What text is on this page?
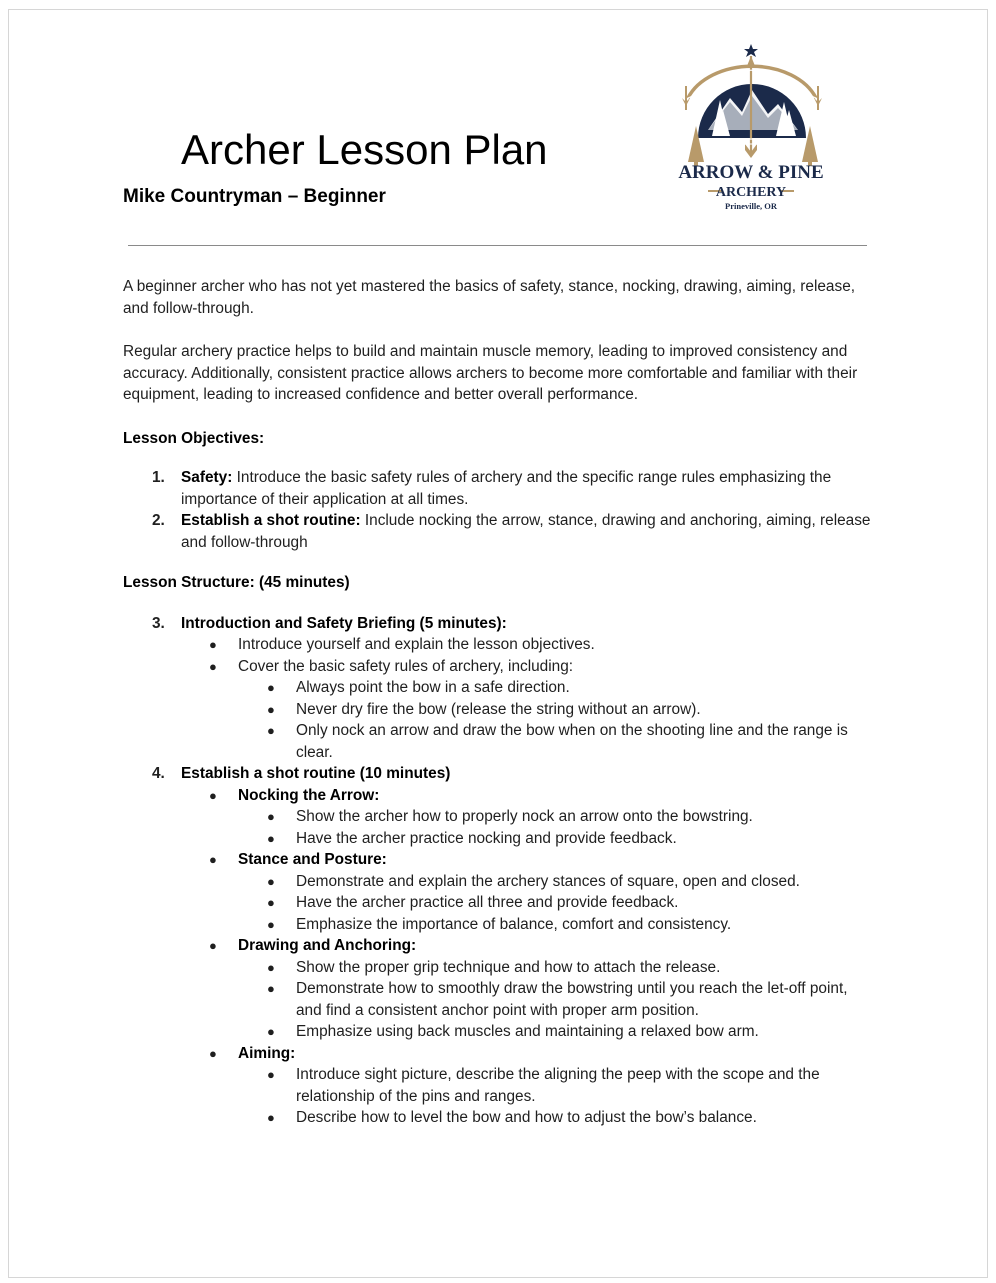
Archer Lesson Plan
Mike Countryman – Beginner
ARROW & PINE
ARCHERY
Prineville, OR

A beginner archer who has not yet mastered the basics of safety, stance, nocking, drawing, aiming, release, and follow-through.

Regular archery practice helps to build and maintain muscle memory, leading to improved consistency and accuracy. Additionally, consistent practice allows archers to become more comfortable and familiar with their equipment, leading to increased confidence and better overall performance.

Lesson Objectives:

1. Safety: Introduce the basic safety rules of archery and the specific range rules emphasizing the importance of their application at all times.
2. Establish a shot routine: Include nocking the arrow, stance, drawing and anchoring, aiming, release and follow-through

Lesson Structure: (45 minutes)

3. Introduction and Safety Briefing (5 minutes):
● Introduce yourself and explain the lesson objectives.
● Cover the basic safety rules of archery, including:
● Always point the bow in a safe direction.
● Never dry fire the bow (release the string without an arrow).
● Only nock an arrow and draw the bow when on the shooting line and the range is clear.
4. Establish a shot routine (10 minutes)
● Nocking the Arrow:
● Show the archer how to properly nock an arrow onto the bowstring.
● Have the archer practice nocking and provide feedback.
● Stance and Posture:
● Demonstrate and explain the archery stances of square, open and closed.
● Have the archer practice all three and provide feedback.
● Emphasize the importance of balance, comfort and consistency.
● Drawing and Anchoring:
● Show the proper grip technique and how to attach the release.
● Demonstrate how to smoothly draw the bowstring until you reach the let-off point, and find a consistent anchor point with proper arm position.
● Emphasize using back muscles and maintaining a relaxed bow arm.
● Aiming:
● Introduce sight picture, describe the aligning the peep with the scope and the relationship of the pins and ranges.
● Describe how to level the bow and how to adjust the bow’s balance.
